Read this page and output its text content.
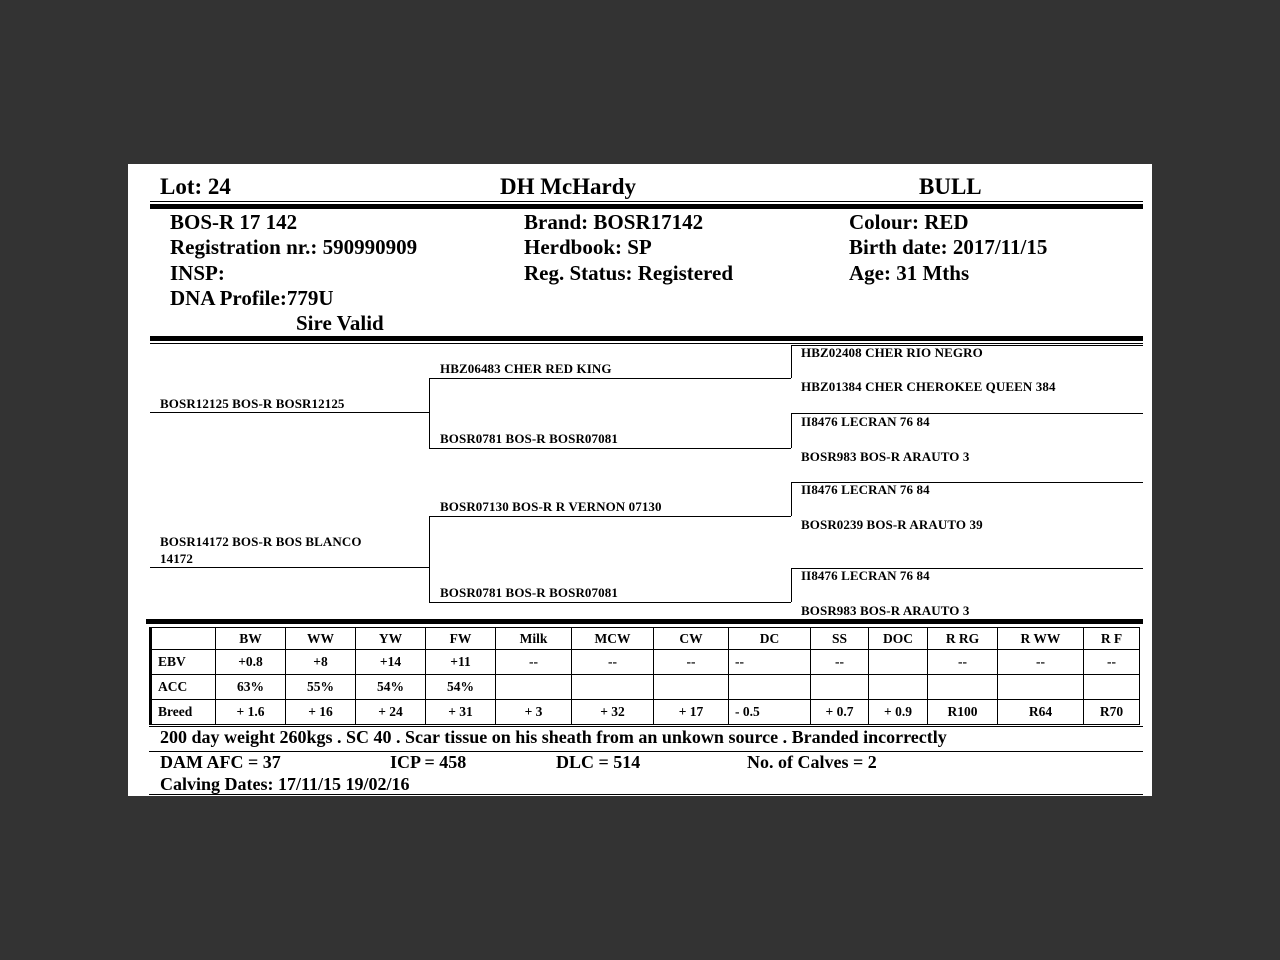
Lot: 24	DH McHardy	BULL
BOS-R 17 142
Registration nr.: 590990909
INSP:
DNA Profile:779U
Sire Valid
Brand: BOSR17142
Herdbook: SP
Reg. Status: Registered
Colour: RED
Birth date: 2017/11/15
Age: 31 Mths
BOSR12125 BOS-R BOSR12125
BOSR14172 BOS-R BOS BLANCO
14172
HBZ06483 CHER RED KING
BOSR0781 BOS-R BOSR07081
BOSR07130 BOS-R R VERNON 07130
BOSR0781 BOS-R BOSR07081
HBZ02408 CHER RIO NEGRO
HBZ01384 CHER CHEROKEE QUEEN 384
II8476 LECRAN 76 84
BOSR983 BOS-R ARAUTO 3
II8476 LECRAN 76 84
BOSR0239 BOS-R ARAUTO 39
II8476 LECRAN 76 84
BOSR983 BOS-R ARAUTO 3
	BW	WW	YW	FW	Milk	MCW	CW	DC	SS	DOC	R RG	R WW	R F
EBV	+0.8	+8	+14	+11	--	--	--	--	--		--	--	--
ACC	63%	55%	54%	54%									
Breed	+ 1.6	+ 16	+ 24	+ 31	+ 3	+ 32	+ 17	- 0.5	+ 0.7	+ 0.9	R100	R64	R70
200 day weight 260kgs . SC 40 . Scar tissue on his sheath from an unkown source . Branded incorrectly
DAM AFC = 37	ICP = 458	DLC = 514	No. of Calves = 2
Calving Dates: 17/11/15 19/02/16
